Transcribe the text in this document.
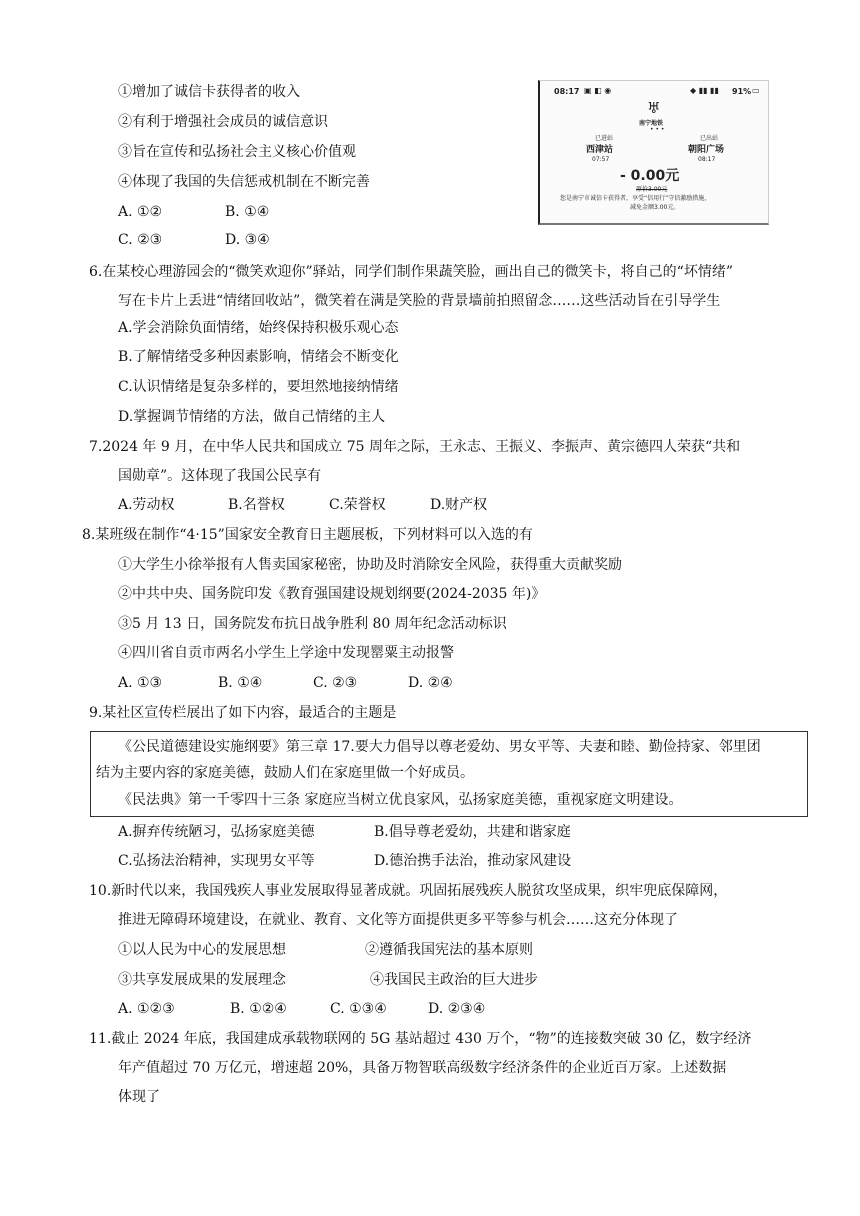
①增加了诚信卡获得者的收入
②有利于增强社会成员的诚信意识
③旨在宣传和弘扬社会主义核心价值观
④体现了我国的失信惩戒机制在不断完善
A. ①②	B. ①④
C. ②③	D. ③④
08:17 ▣ ◧ ◉	◆ ▮▮ ▮▮ 91% ▭
♅
南宁地铁
• • •
已进站
西津站
07:57
已出站
朝阳广场
08:17
- 0.00元
原价3.00元
您是南宁市诚信卡获得者，享受“信用行”守信激励措施，
减免金额3.00元。
6.在某校心理游园会的“微笑欢迎你”驿站，同学们制作果蔬笑脸，画出自己的微笑卡，将自己的“坏情绪”
写在卡片上丢进“情绪回收站”，微笑着在满是笑脸的背景墙前拍照留念……这些活动旨在引导学生
A.学会消除负面情绪，始终保持积极乐观心态
B.了解情绪受多种因素影响，情绪会不断变化
C.认识情绪是复杂多样的，要坦然地接纳情绪
D.掌握调节情绪的方法，做自己情绪的主人
7.2024 年 9 月，在中华人民共和国成立 75 周年之际，王永志、王振义、李振声、黄宗德四人荣获“共和
国勋章”。这体现了我国公民享有
A.劳动权	B.名誉权	C.荣誉权	D.财产权
8.某班级在制作“4·15”国家安全教育日主题展板，下列材料可以入选的有
①大学生小徐举报有人售卖国家秘密，协助及时消除安全风险，获得重大贡献奖励
②中共中央、国务院印发《教育强国建设规划纲要(2024-2035 年)》
③5 月 13 日，国务院发布抗日战争胜利 80 周年纪念活动标识
④四川省自贡市两名小学生上学途中发现罂粟主动报警
A. ①③	B. ①④	C. ②③	D. ②④
9.某社区宣传栏展出了如下内容，最适合的主题是
《公民道德建设实施纲要》第三章 17.要大力倡导以尊老爱幼、男女平等、夫妻和睦、勤俭持家、邻里团
结为主要内容的家庭美德，鼓励人们在家庭里做一个好成员。
《民法典》第一千零四十三条 家庭应当树立优良家风，弘扬家庭美德，重视家庭文明建设。
A.摒弃传统陋习，弘扬家庭美德	B.倡导尊老爱幼，共建和谐家庭
C.弘扬法治精神，实现男女平等	D.德治携手法治，推动家风建设
10.新时代以来，我国残疾人事业发展取得显著成就。巩固拓展残疾人脱贫攻坚成果，织牢兜底保障网，
推进无障碍环境建设，在就业、教育、文化等方面提供更多平等参与机会……这充分体现了
①以人民为中心的发展思想	②遵循我国宪法的基本原则
③共享发展成果的发展理念	④我国民主政治的巨大进步
A. ①②③	B. ①②④	C. ①③④	D. ②③④
11.截止 2024 年底，我国建成承载物联网的 5G 基站超过 430 万个，“物”的连接数突破 30 亿，数字经济
年产值超过 70 万亿元，增速超 20%，具备万物智联高级数字经济条件的企业近百万家。上述数据
体现了
